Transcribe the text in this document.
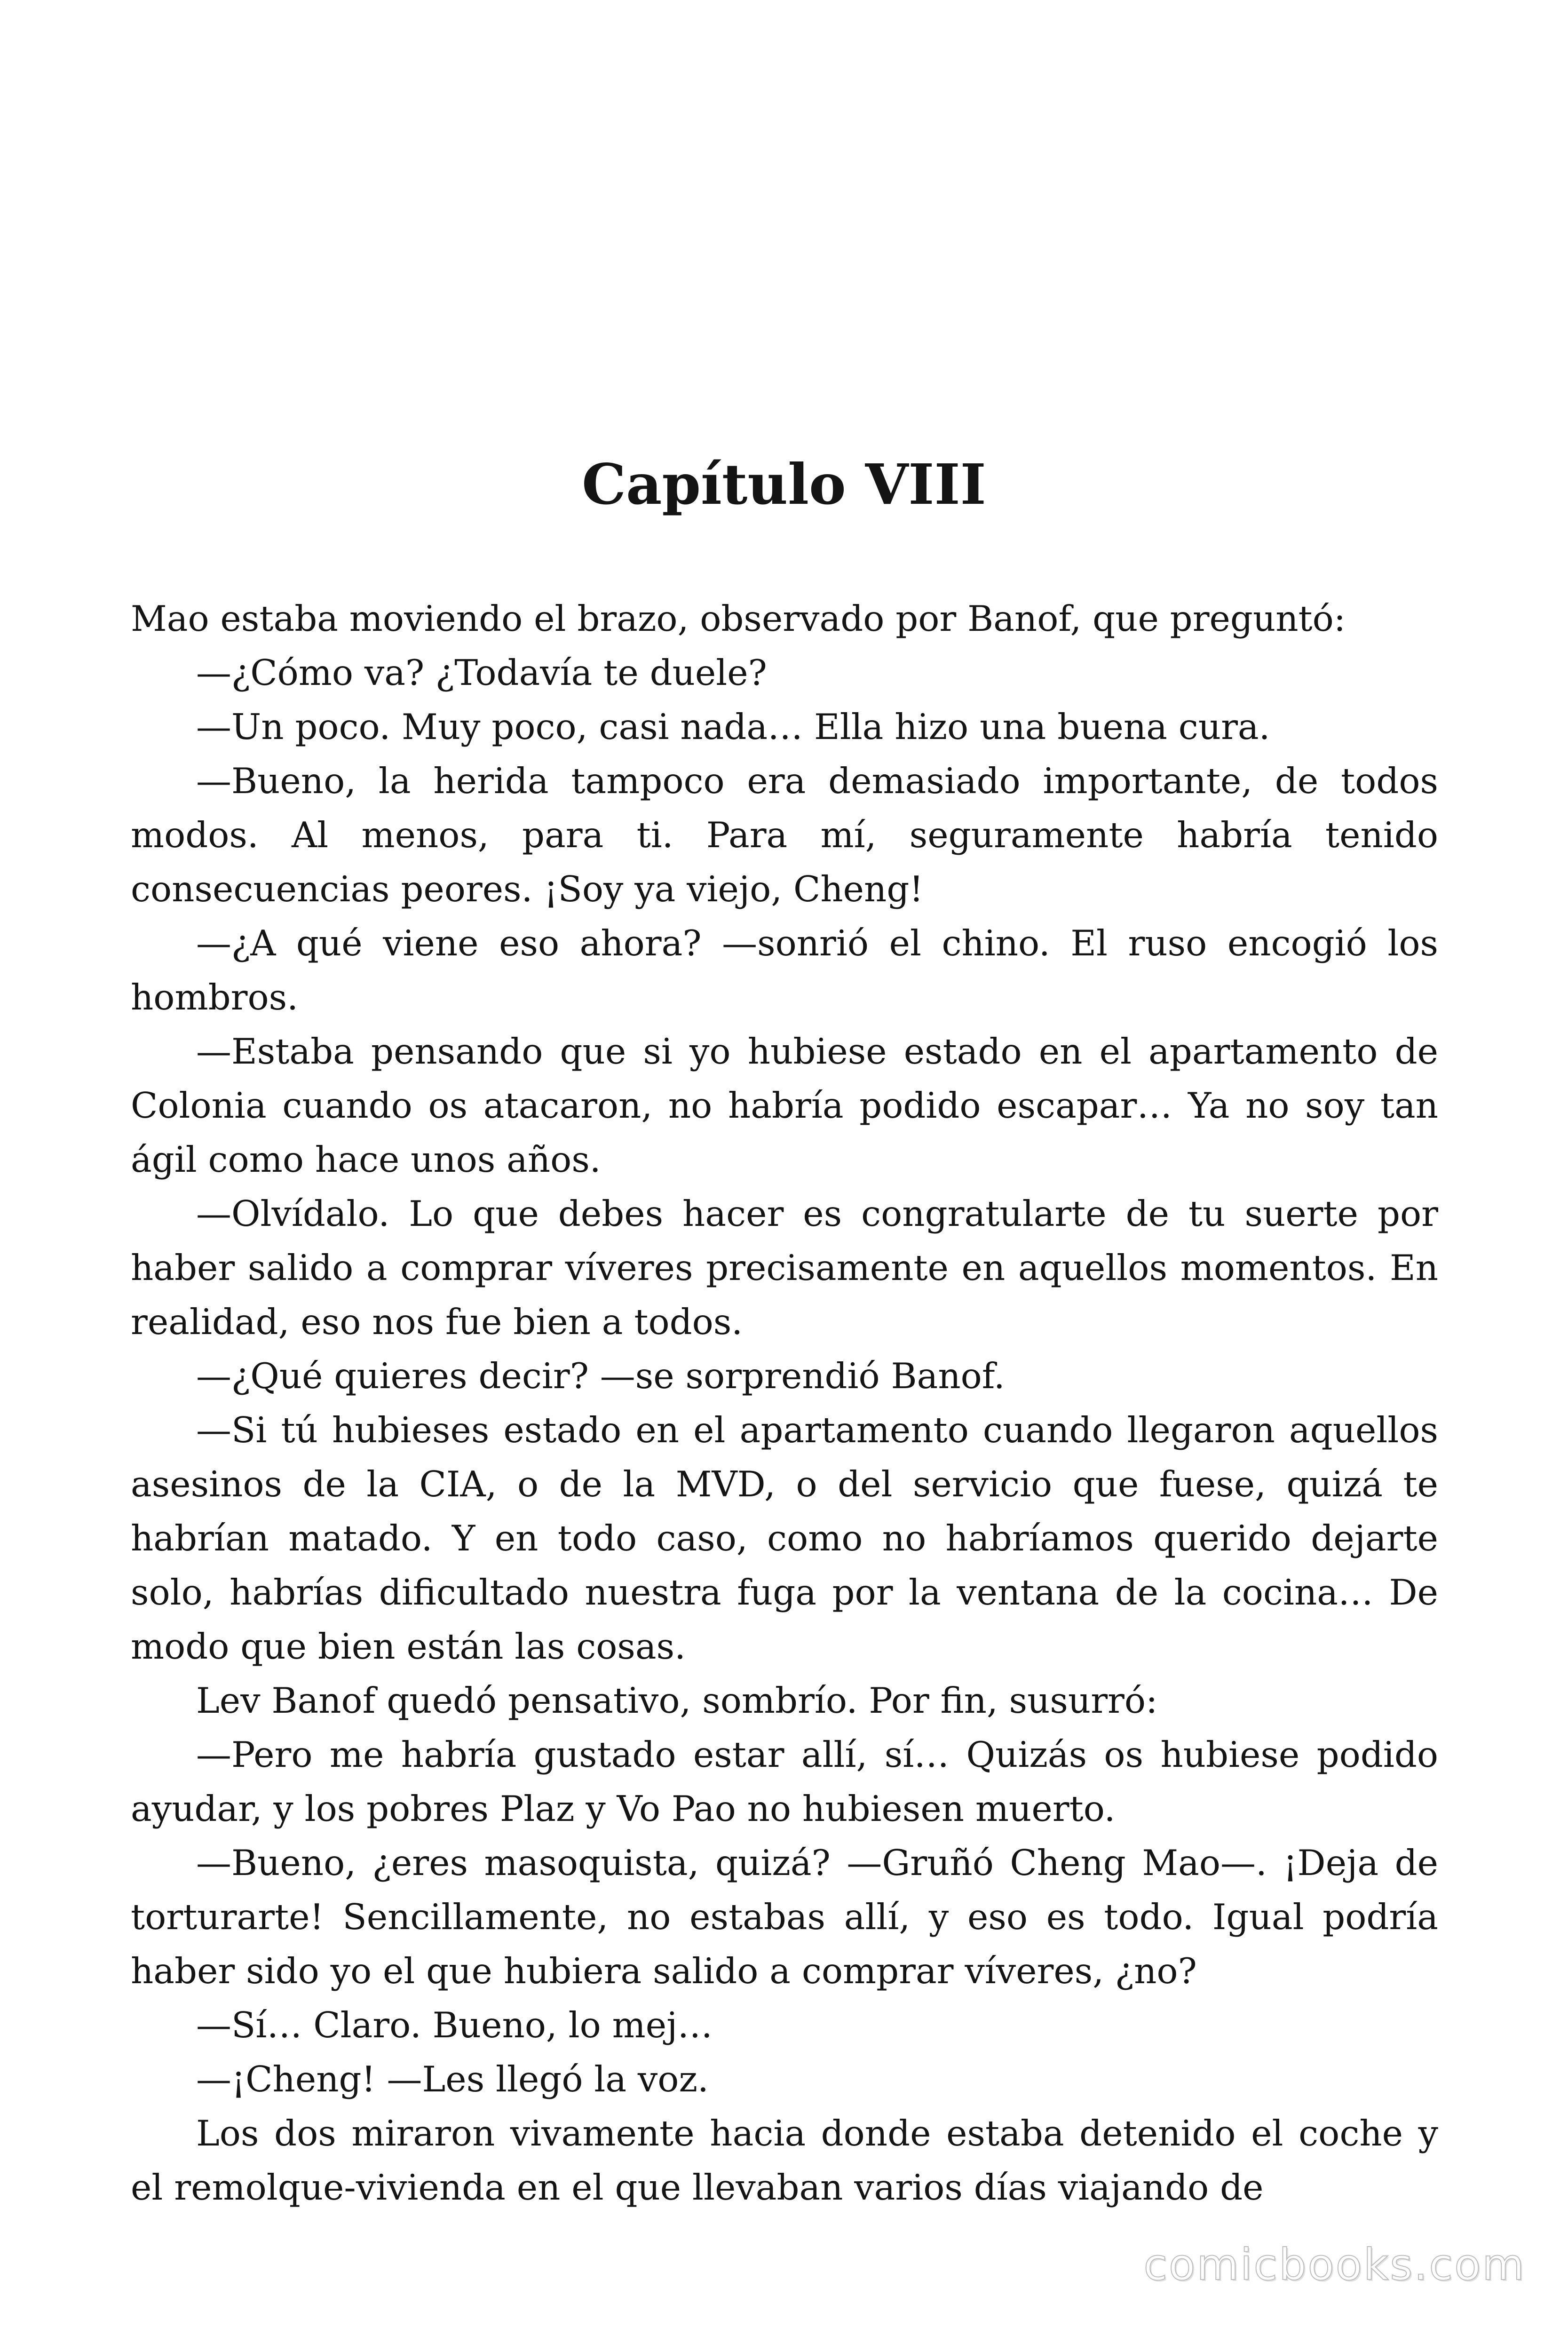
Capítulo VIII

Mao estaba moviendo el brazo, observado por Banof, que preguntó:

—¿Cómo va? ¿Todavía te duele?

—Un poco. Muy poco, casi nada… Ella hizo una buena cura.

—Bueno, la herida tampoco era demasiado importante, de todos modos. Al menos, para ti. Para mí, seguramente habría tenido consecuencias peores. ¡Soy ya viejo, Cheng!

—¿A qué viene eso ahora? —sonrió el chino. El ruso encogió los hombros.

—Estaba pensando que si yo hubiese estado en el apartamento de Colonia cuando os atacaron, no habría podido escapar… Ya no soy tan ágil como hace unos años.

—Olvídalo. Lo que debes hacer es congratularte de tu suerte por haber salido a comprar víveres precisamente en aquellos momentos. En realidad, eso nos fue bien a todos.

—¿Qué quieres decir? —se sorprendió Banof.

—Si tú hubieses estado en el apartamento cuando llegaron aquellos asesinos de la CIA, o de la MVD, o del servicio que fuese, quizá te habrían matado. Y en todo caso, como no habríamos querido dejarte solo, habrías dificultado nuestra fuga por la ventana de la cocina… De modo que bien están las cosas.

Lev Banof quedó pensativo, sombrío. Por fin, susurró:

—Pero me habría gustado estar allí, sí… Quizás os hubiese podido ayudar, y los pobres Plaz y Vo Pao no hubiesen muerto.

—Bueno, ¿eres masoquista, quizá? —Gruñó Cheng Mao—. ¡Deja de torturarte! Sencillamente, no estabas allí, y eso es todo. Igual podría haber sido yo el que hubiera salido a comprar víveres, ¿no?

—Sí… Claro. Bueno, lo mej…

—¡Cheng! —Les llegó la voz.

Los dos miraron vivamente hacia donde estaba detenido el coche y el remolque-vivienda en el que llevaban varios días viajando de

comicbooks.com
